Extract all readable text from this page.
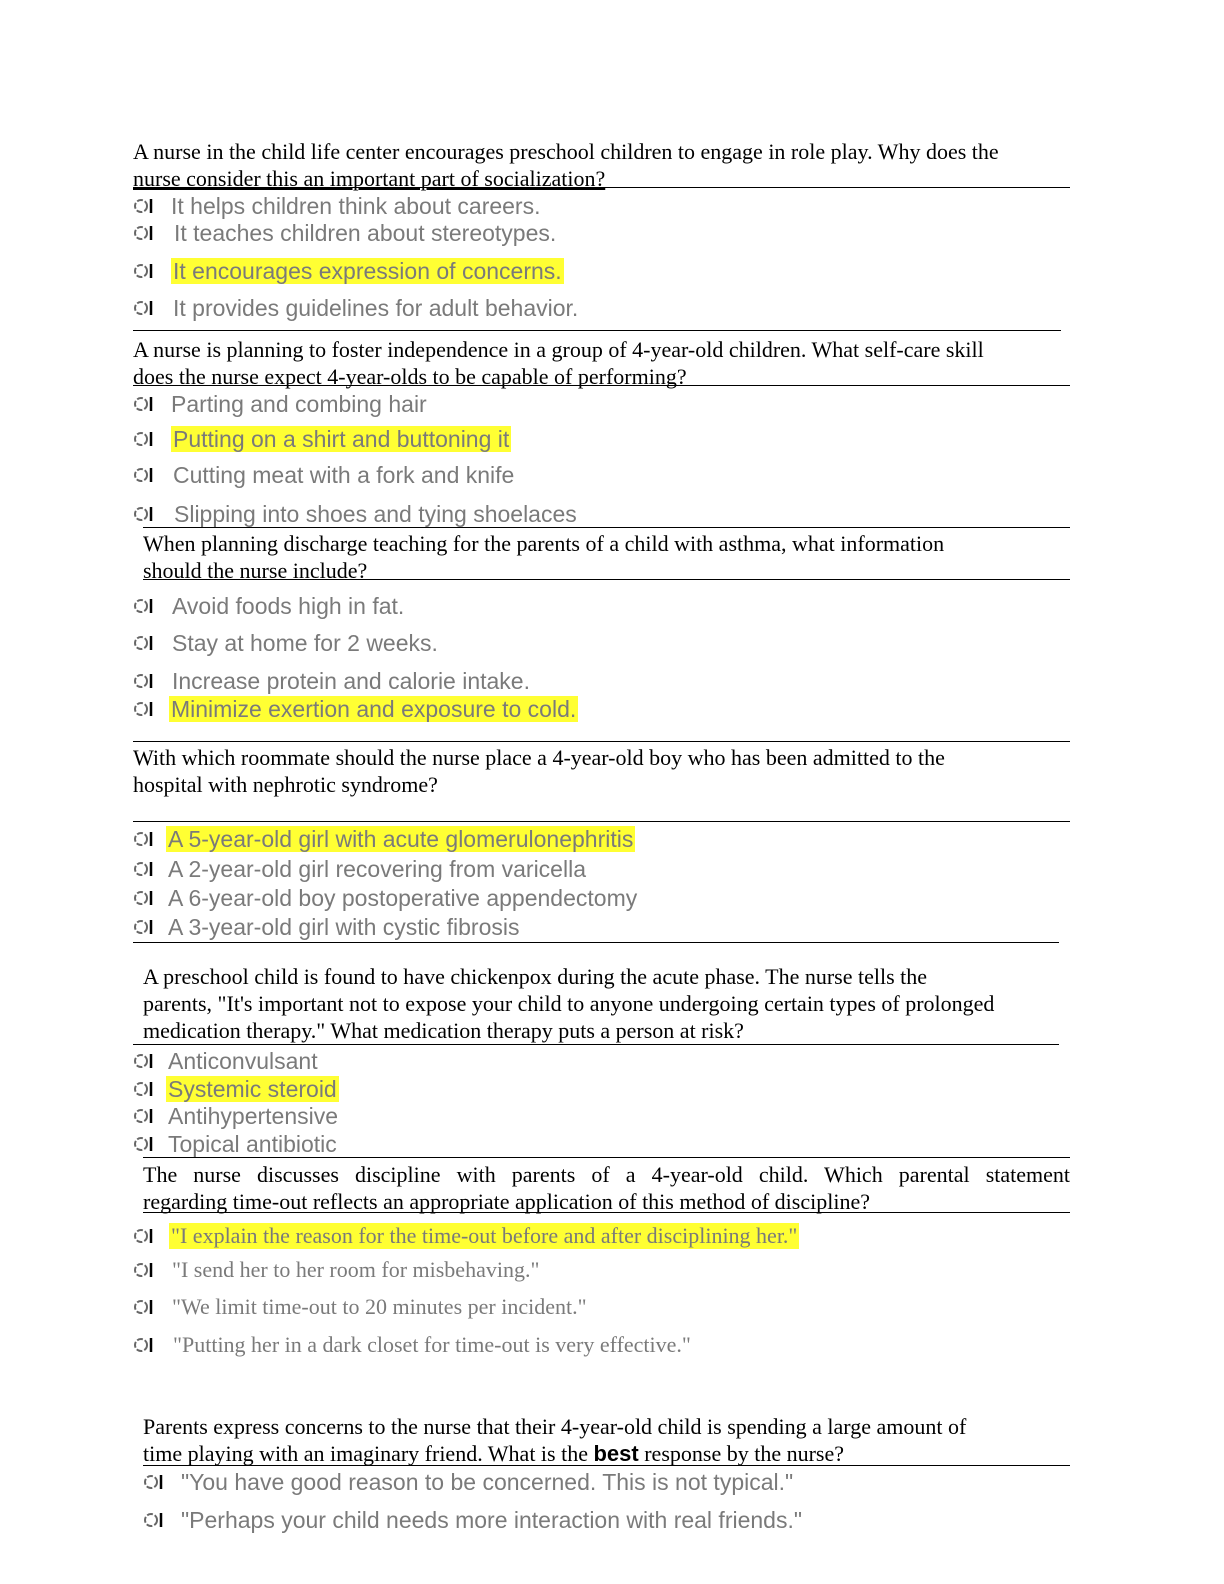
A nurse in the child life center encourages preschool children to engage in role play. Why does the
nurse consider this an important part of socialization?
It helps children think about careers.
It teaches children about stereotypes.
It encourages expression of concerns.
It provides guidelines for adult behavior.
A nurse is planning to foster independence in a group of 4-year-old children. What self-care skill
does the nurse expect 4-year-olds to be capable of performing?
Parting and combing hair
Putting on a shirt and buttoning it
Cutting meat with a fork and knife
Slipping into shoes and tying shoelaces
When planning discharge teaching for the parents of a child with asthma, what information
should the nurse include?
Avoid foods high in fat.
Stay at home for 2 weeks.
Increase protein and calorie intake.
Minimize exertion and exposure to cold.
With which roommate should the nurse place a 4-year-old boy who has been admitted to the
hospital with nephrotic syndrome?
A 5-year-old girl with acute glomerulonephritis
A 2-year-old girl recovering from varicella
A 6-year-old boy postoperative appendectomy
A 3-year-old girl with cystic fibrosis
A preschool child is found to have chickenpox during the acute phase. The nurse tells the
parents, "It's important not to expose your child to anyone undergoing certain types of prolonged
medication therapy." What medication therapy puts a person at risk?
Anticonvulsant
Systemic steroid
Antihypertensive
Topical antibiotic
The nurse discusses discipline with parents of a 4-year-old child. Which parental statement
regarding time-out reflects an appropriate application of this method of discipline?
"I explain the reason for the time-out before and after disciplining her."
"I send her to her room for misbehaving."
"We limit time-out to 20 minutes per incident."
"Putting her in a dark closet for time-out is very effective."
Parents express concerns to the nurse that their 4-year-old child is spending a large amount of
time playing with an imaginary friend. What is the best response by the nurse?
"You have good reason to be concerned. This is not typical."
"Perhaps your child needs more interaction with real friends."
